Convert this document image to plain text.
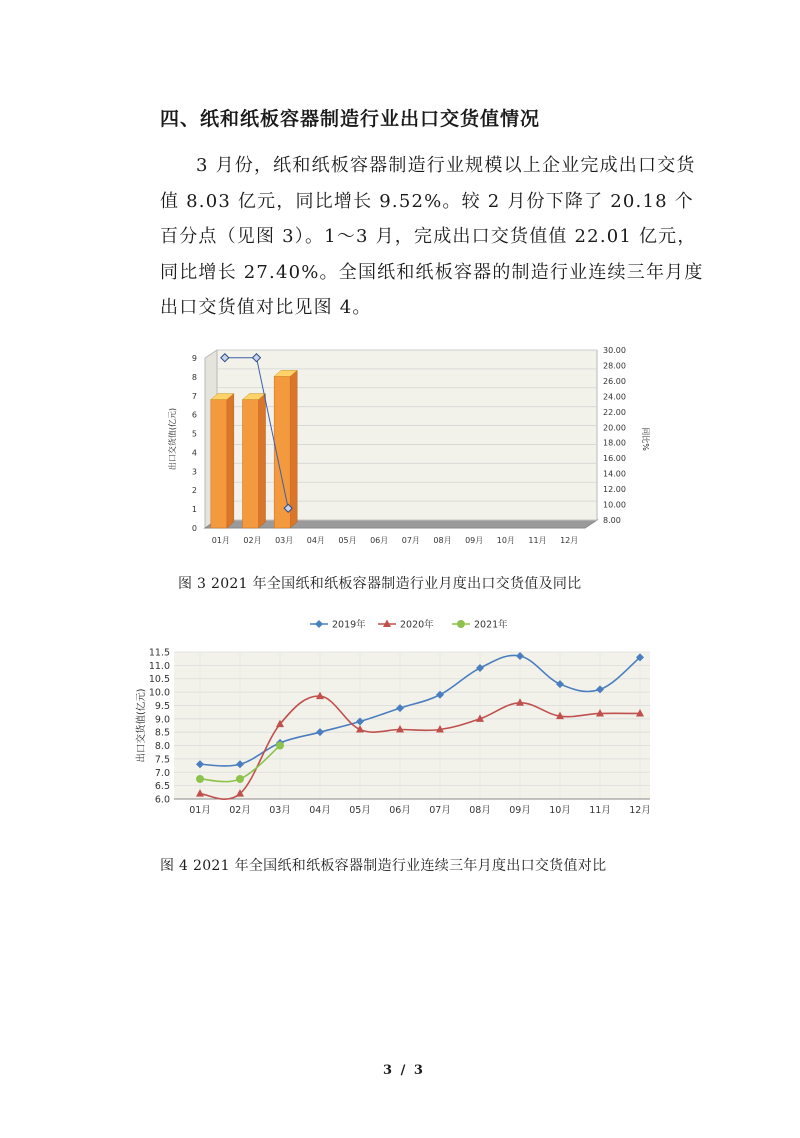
四、纸和纸板容器制造行业出口交货值情况
3 月份，纸和纸板容器制造行业规模以上企业完成出口交货值 8.03 亿元，同比增长 9.52%。较 2 月份下降了 20.18 个百分点（见图 3）。1～3 月，完成出口交货值值 22.01 亿元，同比增长 27.40%。全国纸和纸板容器的制造行业连续三年月度出口交货值对比见图 4。
0
1
2
3
4
5
6
7
8
9
8.00
10.00
12.00
14.00
16.00
18.00
20.00
22.00
24.00
26.00
28.00
30.00
出口交货值(亿元)	同比%
01月 02月 03月 04月 05月 06月 07月 08月 09月 10月 11月 12月
图 3 2021 年全国纸和纸板容器制造行业月度出口交货值及同比
6.0
6.5
7.0
7.5
8.0
8.5
9.0
9.5
10.0
10.5
11.0
11.5
01月 02月 03月 04月 05月 06月 07月 08月 09月 10月 11月 12月
出口交货值(亿元)
2019年	2020年	2021年
图 4 2021 年全国纸和纸板容器制造行业连续三年月度出口交货值对比
3 / 3
